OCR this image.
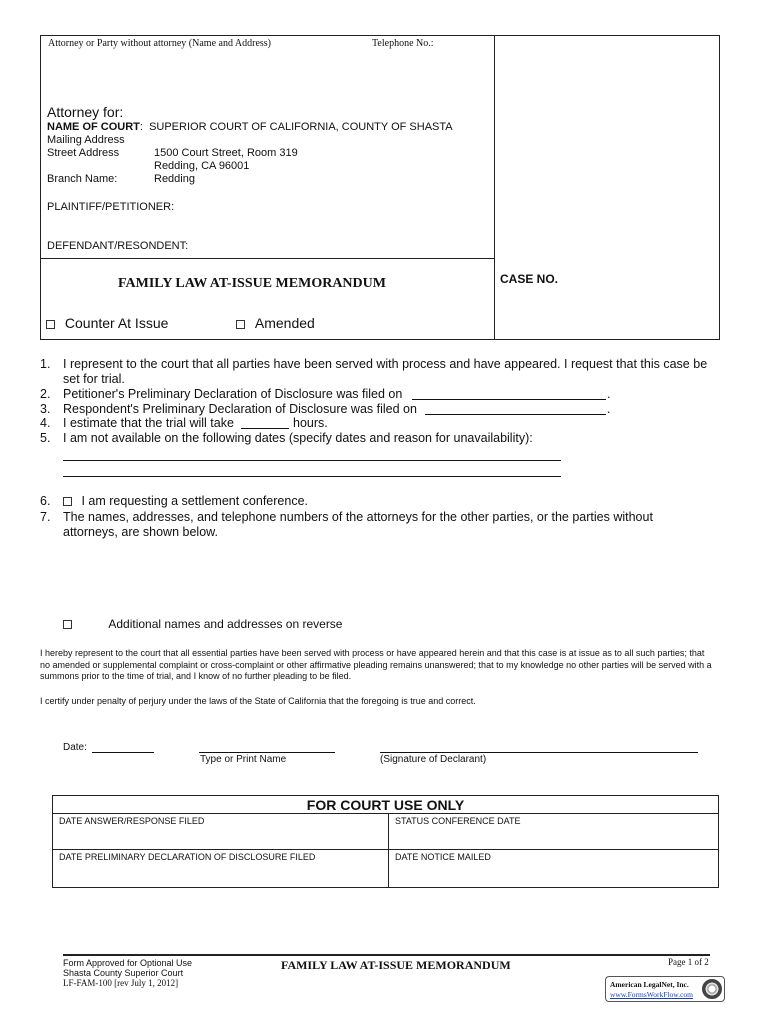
Attorney or Party without attorney (Name and Address)	Telephone No.:
Attorney for:
NAME OF COURT:  SUPERIOR COURT OF CALIFORNIA, COUNTY OF SHASTA
Mailing Address
Street Address	1500 Court Street, Room 319
Redding, CA 96001
Branch Name:	Redding
PLAINTIFF/PETITIONER:
DEFENDANT/RESONDENT:
FAMILY LAW AT-ISSUE MEMORANDUM	CASE NO.
Counter At Issue	Amended
1. I represent to the court that all parties have been served with process and have appeared. I request that this case be set for trial.
2. Petitioner's Preliminary Declaration of Disclosure was filed on	.
3. Respondent's Preliminary Declaration of Disclosure was filed on	.
4. I estimate that the trial will take	hours.
5. I am not available on the following dates (specify dates and reason for unavailability):
6.	I am requesting a settlement conference.
7. The names, addresses, and telephone numbers of the attorneys for the other parties, or the parties without attorneys, are shown below.
Additional names and addresses on reverse
I hereby represent to the court that all essential parties have been served with process or have appeared herein and that this case is at issue as to all such parties; that no amended or supplemental complaint or cross-complaint or other affirmative pleading remains unanswered; that to my knowledge no other parties will be served with a summons prior to the time of trial, and I know of no further pleading to be filed.
I certify under penalty of perjury under the laws of the State of California that the foregoing is true and correct.
Date:
Type or Print Name	(Signature of Declarant)
FOR COURT USE ONLY
DATE ANSWER/RESPONSE FILED	STATUS CONFERENCE DATE
DATE PRELIMINARY DECLARATION OF DISCLOSURE FILED	DATE NOTICE MAILED
Form Approved for Optional Use
Shasta County Superior Court
LF-FAM-100 [rev July 1, 2012]
FAMILY LAW AT-ISSUE MEMORANDUM	Page 1 of 2
American LegalNet, Inc.
www.FormsWorkFlow.com
